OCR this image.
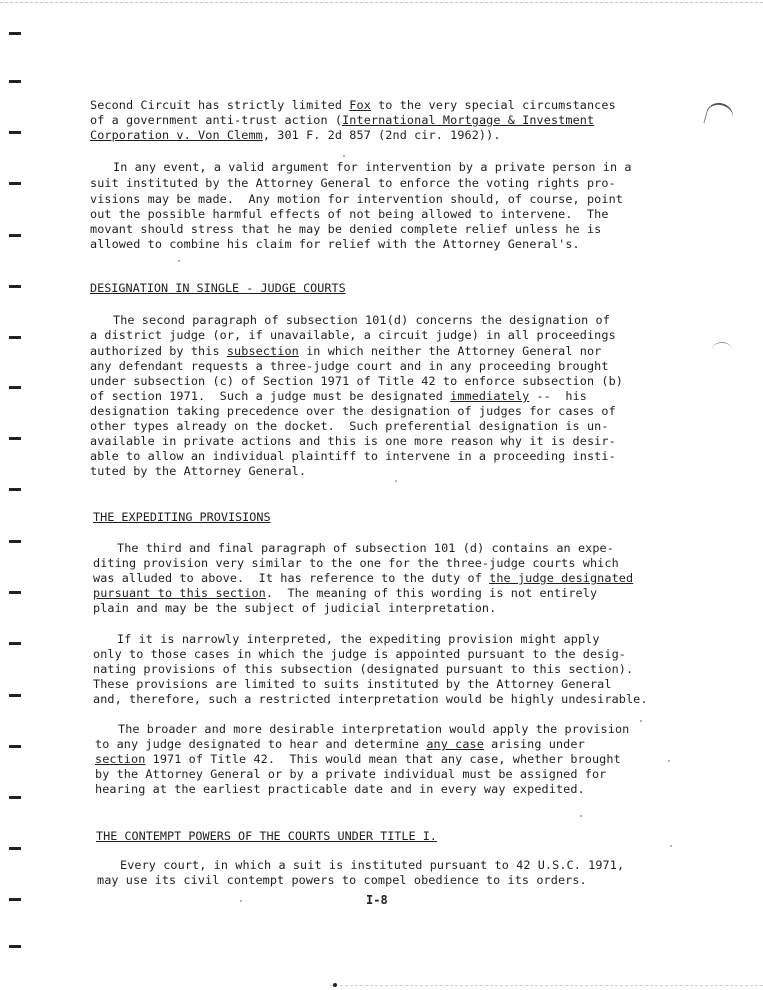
Second Circuit has strictly limited Fox to the very special circumstances
of a government anti-trust action (International Mortgage & Investment
Corporation v. Von Clemm, 301 F. 2d 857 (2nd cir. 1962)).
In any event, a valid argument for intervention by a private person in a
suit instituted by the Attorney General to enforce the voting rights pro-
visions may be made.  Any motion for intervention should, of course, point
out the possible harmful effects of not being allowed to intervene.  The
movant should stress that he may be denied complete relief unless he is
allowed to combine his claim for relief with the Attorney General's.
DESIGNATION IN SINGLE - JUDGE COURTS
The second paragraph of subsection 101(d) concerns the designation of
a district judge (or, if unavailable, a circuit judge) in all proceedings
authorized by this subsection in which neither the Attorney General nor
any defendant requests a three-judge court and in any proceeding brought
under subsection (c) of Section 1971 of Title 42 to enforce subsection (b)
of section 1971.  Such a judge must be designated immediately --  his
designation taking precedence over the designation of judges for cases of
other types already on the docket.  Such preferential designation is un-
available in private actions and this is one more reason why it is desir-
able to allow an individual plaintiff to intervene in a proceeding insti-
tuted by the Attorney General.
THE EXPEDITING PROVISIONS
The third and final paragraph of subsection 101 (d) contains an expe-
diting provision very similar to the one for the three-judge courts which
was alluded to above.  It has reference to the duty of the judge designated
pursuant to this section.  The meaning of this wording is not entirely
plain and may be the subject of judicial interpretation.
If it is narrowly interpreted, the expediting provision might apply
only to those cases in which the judge is appointed pursuant to the desig-
nating provisions of this subsection (designated pursuant to this section).
These provisions are limited to suits instituted by the Attorney General
and, therefore, such a restricted interpretation would be highly undesirable.
The broader and more desirable interpretation would apply the provision
to any judge designated to hear and determine any case arising under
section 1971 of Title 42.  This would mean that any case, whether brought
by the Attorney General or by a private individual must be assigned for
hearing at the earliest practicable date and in every way expedited.
THE CONTEMPT POWERS OF THE COURTS UNDER TITLE I.
Every court, in which a suit is instituted pursuant to 42 U.S.C. 1971,
may use its civil contempt powers to compel obedience to its orders.
I-8
